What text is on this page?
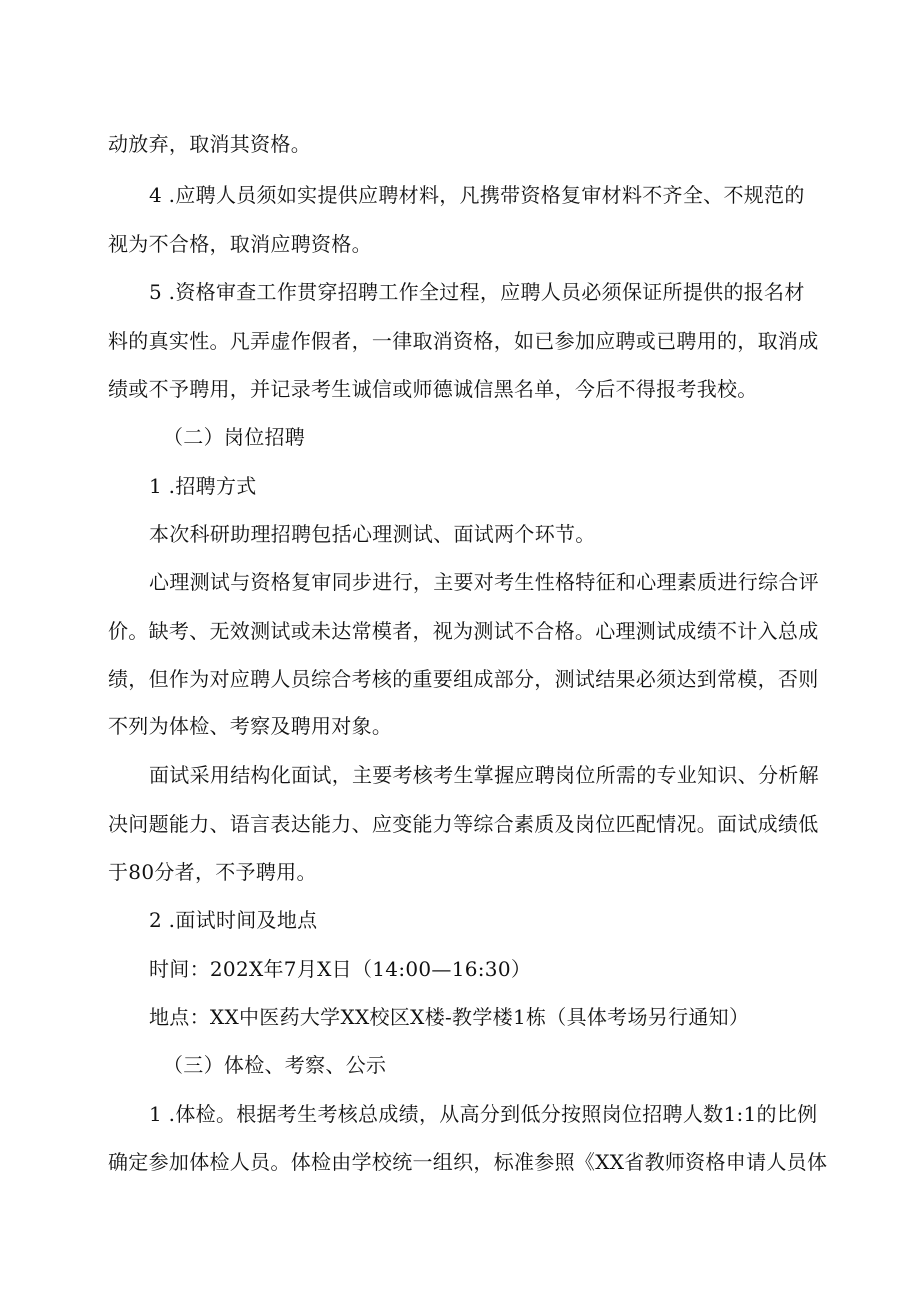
动放弃，取消其资格。
4 .应聘人员须如实提供应聘材料，凡携带资格复审材料不齐全、不规范的
视为不合格，取消应聘资格。
5 .资格审查工作贯穿招聘工作全过程，应聘人员必须保证所提供的报名材
料的真实性。凡弄虚作假者，一律取消资格，如已参加应聘或已聘用的，取消成
绩或不予聘用，并记录考生诚信或师德诚信黑名单，今后不得报考我校。
（二）岗位招聘
1 .招聘方式
本次科研助理招聘包括心理测试、面试两个环节。
心理测试与资格复审同步进行，主要对考生性格特征和心理素质进行综合评
价。缺考、无效测试或未达常模者，视为测试不合格。心理测试成绩不计入总成
绩，但作为对应聘人员综合考核的重要组成部分，测试结果必须达到常模，否则
不列为体检、考察及聘用对象。
面试采用结构化面试，主要考核考生掌握应聘岗位所需的专业知识、分析解
决问题能力、语言表达能力、应变能力等综合素质及岗位匹配情况。面试成绩低
于80分者，不予聘用。
2 .面试时间及地点
时间：202X年7月X日（14:00—16:30）
地点：XX中医药大学XX校区X楼-教学楼1栋（具体考场另行通知）
（三）体检、考察、公示
1 .体检。根据考生考核总成绩，从高分到低分按照岗位招聘人数1:1的比例
确定参加体检人员。体检由学校统一组织，标准参照《XX省教师资格申请人员体
